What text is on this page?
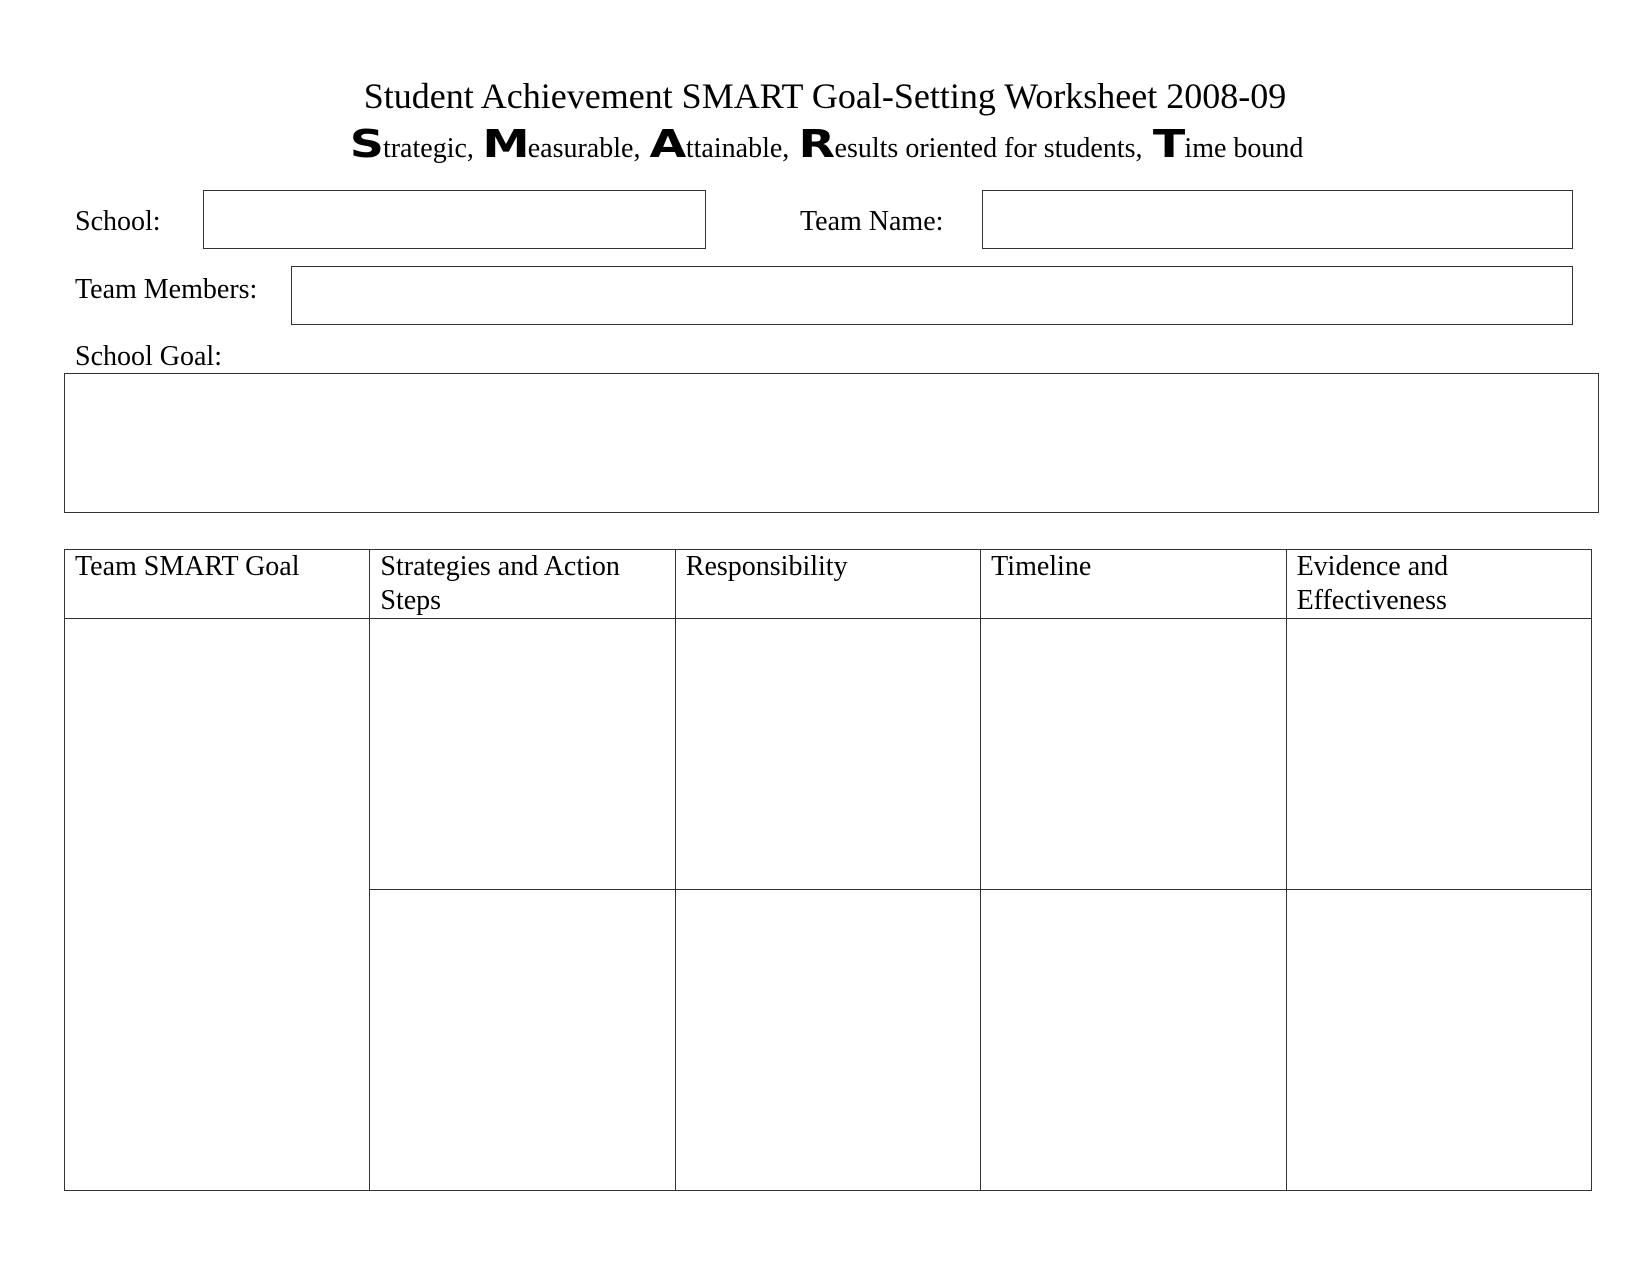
Student Achievement SMART Goal-Setting Worksheet 2008-09
Strategic, Measurable, Attainable, Results oriented for students, Time bound
School:	Team Name:
Team Members:
School Goal:
Team SMART Goal	Strategies and Action Steps	Responsibility	Timeline	Evidence and Effectiveness
